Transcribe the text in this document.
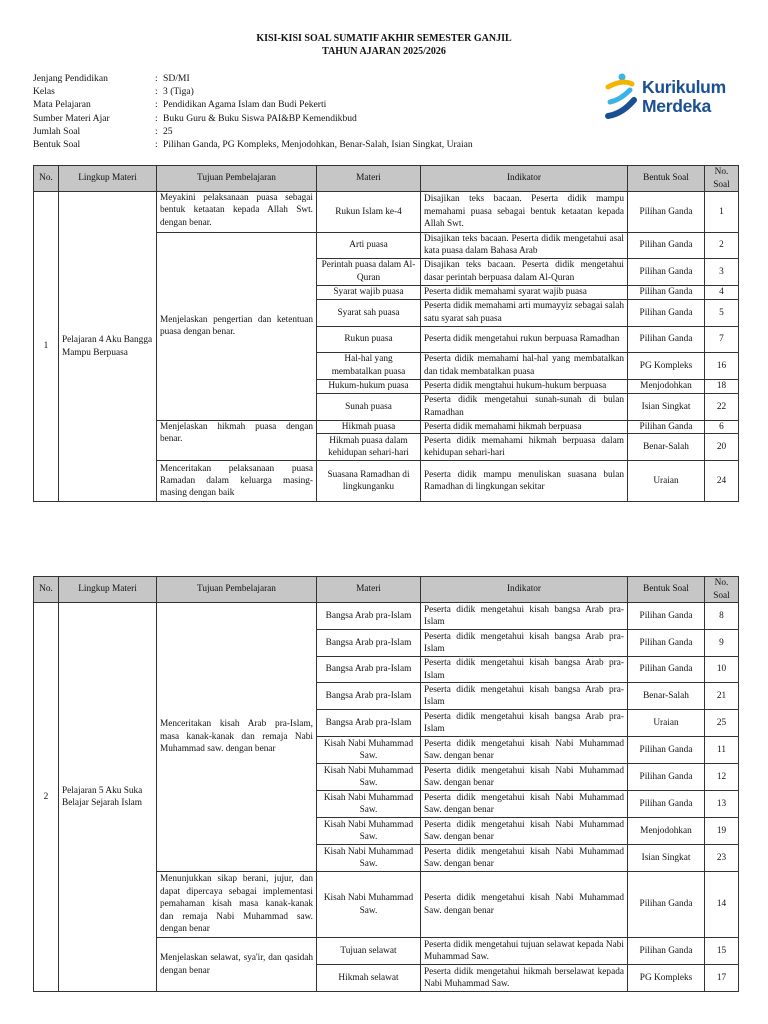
KISI-KISI SOAL SUMATIF AKHIR SEMESTER GANJIL
TAHUN AJARAN 2025/2026
Jenjang Pendidikan	: SD/MI
Kelas	: 3 (Tiga)
Mata Pelajaran	: Pendidikan Agama Islam dan Budi Pekerti
Sumber Materi Ajar	: Buku Guru & Buku Siswa PAI&BP Kemendikbud
Jumlah Soal	: 25
Bentuk Soal	: Pilihan Ganda, PG Kompleks, Menjodohkan, Benar-Salah, Isian Singkat, Uraian
Kurikulum
Merdeka
No.	Lingkup Materi	Tujuan Pembelajaran	Materi	Indikator	Bentuk Soal	No. Soal
1	Pelajaran 4 Aku Bangga Mampu Berpuasa	Meyakini pelaksanaan puasa sebagai bentuk ketaatan kepada Allah Swt. dengan benar.	Rukun Islam ke-4	Disajikan teks bacaan. Peserta didik mampu memahami puasa sebagai bentuk ketaatan kepada Allah Swt.	Pilihan Ganda	1
		Menjelaskan pengertian dan ketentuan puasa dengan benar.	Arti puasa	Disajikan teks bacaan. Peserta didik mengetahui asal kata puasa dalam Bahasa Arab	Pilihan Ganda	2
			Perintah puasa dalam Al-Quran	Disajikan teks bacaan. Peserta didik mengetahui dasar perintah berpuasa dalam Al-Quran	Pilihan Ganda	3
			Syarat wajib puasa	Peserta didik memahami syarat wajib puasa	Pilihan Ganda	4
			Syarat sah puasa	Peserta didik memahami arti mumayyiz sebagai salah satu syarat sah puasa	Pilihan Ganda	5
			Rukun puasa	Peserta didik mengetahui rukun berpuasa Ramadhan	Pilihan Ganda	7
			Hal-hal yang membatalkan puasa	Peserta didik memahami hal-hal yang membatalkan dan tidak membatalkan puasa	PG Kompleks	16
			Hukum-hukum puasa	Peserta didik mengtahui hukum-hukum berpuasa	Menjodohkan	18
			Sunah puasa	Peserta didik mengetahui sunah-sunah di bulan Ramadhan	Isian Singkat	22
		Menjelaskan hikmah puasa dengan benar.	Hikmah puasa	Peserta didik memahami hikmah berpuasa	Pilihan Ganda	6
			Hikmah puasa dalam kehidupan sehari-hari	Peserta didik memahami hikmah berpuasa dalam kehidupan sehari-hari	Benar-Salah	20
		Menceritakan pelaksanaan puasa Ramadan dalam keluarga masing-masing dengan baik	Suasana Ramadhan di lingkunganku	Peserta didik mampu menuliskan suasana bulan Ramadhan di lingkungan sekitar	Uraian	24
No.	Lingkup Materi	Tujuan Pembelajaran	Materi	Indikator	Bentuk Soal	No. Soal
2	Pelajaran 5 Aku Suka Belajar Sejarah Islam	Menceritakan kisah Arab pra-Islam, masa kanak-kanak dan remaja Nabi Muhammad saw. dengan benar	Bangsa Arab pra-Islam	Peserta didik mengetahui kisah bangsa Arab pra-Islam	Pilihan Ganda	8
			Bangsa Arab pra-Islam	Peserta didik mengetahui kisah bangsa Arab pra-Islam	Pilihan Ganda	9
			Bangsa Arab pra-Islam	Peserta didik mengetahui kisah bangsa Arab pra-Islam	Pilihan Ganda	10
			Bangsa Arab pra-Islam	Peserta didik mengetahui kisah bangsa Arab pra-Islam	Benar-Salah	21
			Bangsa Arab pra-Islam	Peserta didik mengetahui kisah bangsa Arab pra-Islam	Uraian	25
			Kisah Nabi Muhammad Saw.	Peserta didik mengetahui kisah Nabi Muhammad Saw. dengan benar	Pilihan Ganda	11
			Kisah Nabi Muhammad Saw.	Peserta didik mengetahui kisah Nabi Muhammad Saw. dengan benar	Pilihan Ganda	12
			Kisah Nabi Muhammad Saw.	Peserta didik mengetahui kisah Nabi Muhammad Saw. dengan benar	Pilihan Ganda	13
			Kisah Nabi Muhammad Saw.	Peserta didik mengetahui kisah Nabi Muhammad Saw. dengan benar	Menjodohkan	19
			Kisah Nabi Muhammad Saw.	Peserta didik mengetahui kisah Nabi Muhammad Saw. dengan benar	Isian Singkat	23
		Menunjukkan sikap berani, jujur, dan dapat dipercaya sebagai implementasi pemahaman kisah masa kanak-kanak dan remaja Nabi Muhammad saw. dengan benar	Kisah Nabi Muhammad Saw.	Peserta didik mengetahui kisah Nabi Muhammad Saw. dengan benar	Pilihan Ganda	14
		Menjelaskan selawat, sya'ir, dan qasidah dengan benar	Tujuan selawat	Peserta didik mengetahui tujuan selawat kepada Nabi Muhammad Saw.	Pilihan Ganda	15
			Hikmah selawat	Peserta didik mengetahui hikmah berselawat kepada Nabi Muhammad Saw.	PG Kompleks	17
